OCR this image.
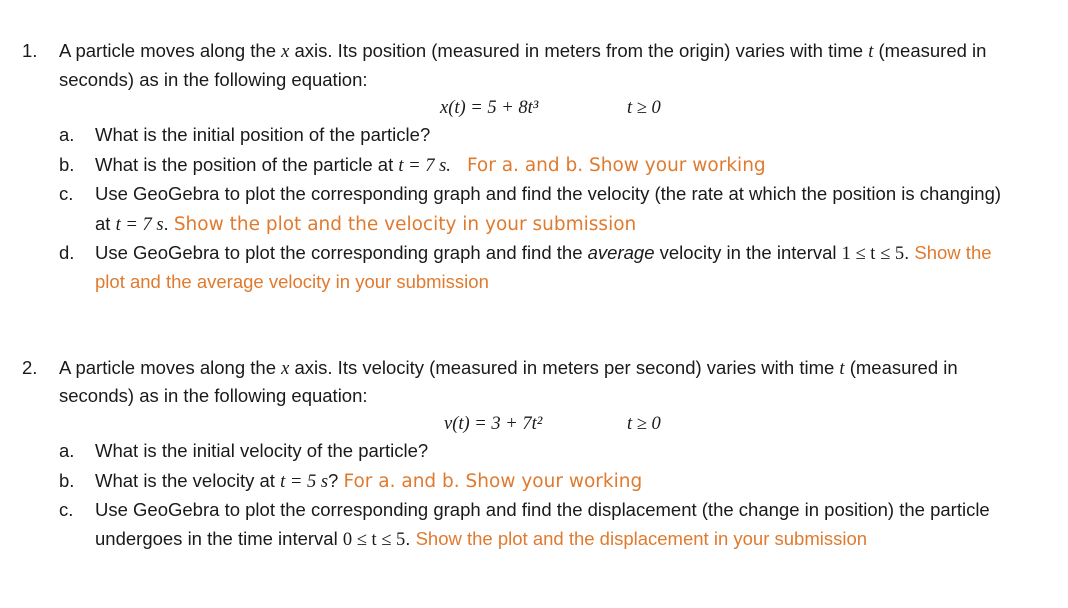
1. A particle moves along the x axis. Its position (measured in meters from the origin) varies with time t (measured in
seconds) as in the following equation:
x(t) = 5 + 8t³	t ≥ 0
a. What is the initial position of the particle?
b. What is the position of the particle at t = 7 s. For a. and b. Show your working
c. Use GeoGebra to plot the corresponding graph and find the velocity (the rate at which the position is changing)
at t = 7 s. Show the plot and the velocity in your submission
d. Use GeoGebra to plot the corresponding graph and find the average velocity in the interval 1 ≤ t ≤ 5. Show the
plot and the average velocity in your submission
2. A particle moves along the x axis. Its velocity (measured in meters per second) varies with time t (measured in
seconds) as in the following equation:
v(t) = 3 + 7t²	t ≥ 0
a. What is the initial velocity of the particle?
b. What is the velocity at t = 5 s? For a. and b. Show your working
c. Use GeoGebra to plot the corresponding graph and find the displacement (the change in position) the particle
undergoes in the time interval 0 ≤ t ≤ 5. Show the plot and the displacement in your submission
